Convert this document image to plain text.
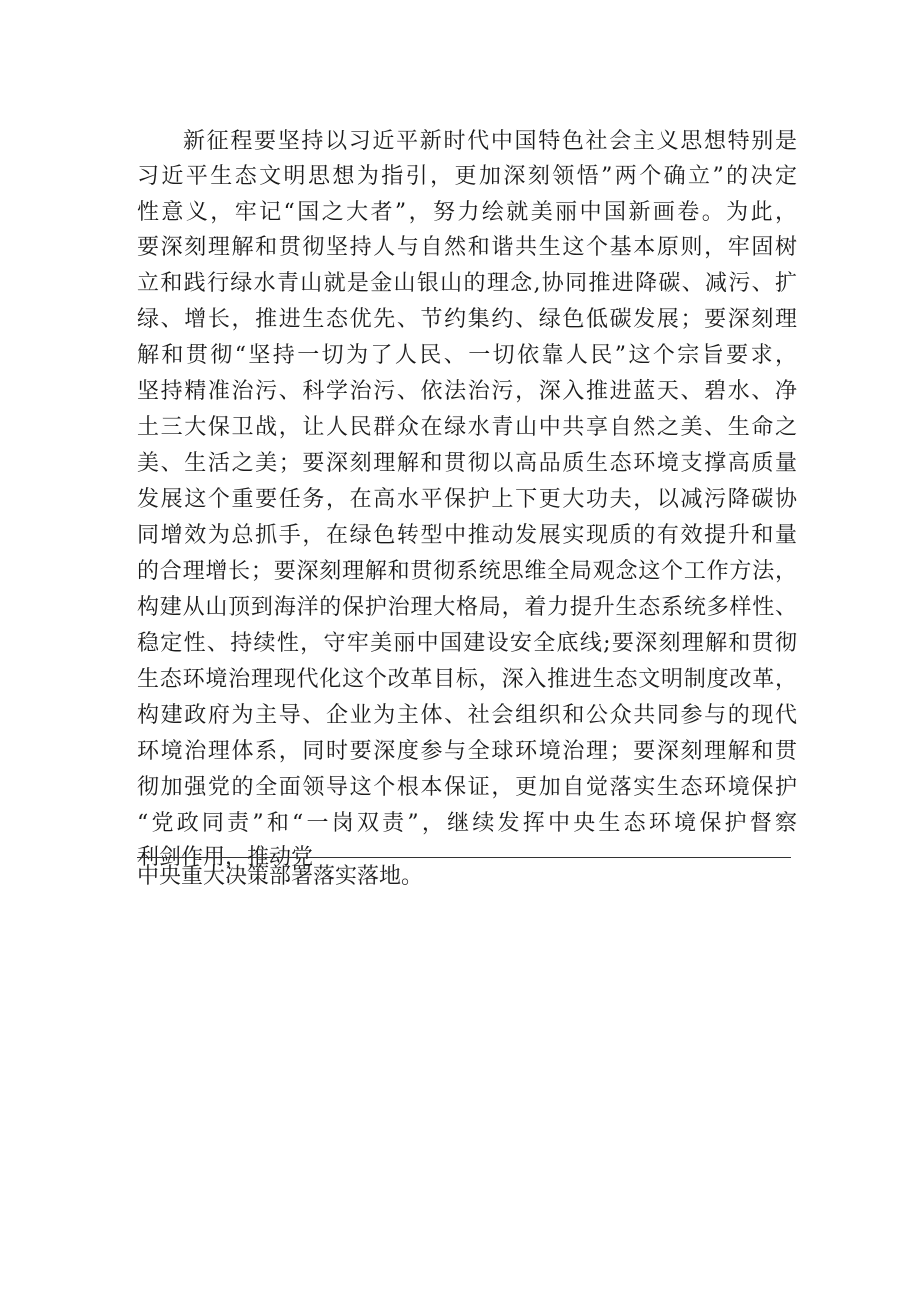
新征程要坚持以习近平新时代中国特色社会主义思想特别是
习近平生态文明思想为指引，更加深刻领悟”两个确立”的决定
性意义，牢记“国之大者”，努力绘就美丽中国新画卷。为此，
要深刻理解和贯彻坚持人与自然和谐共生这个基本原则，牢固树
立和践行绿水青山就是金山银山的理念,协同推进降碳、减污、扩
绿、增长，推进生态优先、节约集约、绿色低碳发展；要深刻理
解和贯彻“坚持一切为了人民、一切依靠人民”这个宗旨要求，
坚持精准治污、科学治污、依法治污，深入推进蓝天、碧水、净
土三大保卫战，让人民群众在绿水青山中共享自然之美、生命之
美、生活之美；要深刻理解和贯彻以高品质生态环境支撑高质量
发展这个重要任务，在高水平保护上下更大功夫，以减污降碳协
同增效为总抓手，在绿色转型中推动发展实现质的有效提升和量
的合理增长；要深刻理解和贯彻系统思维全局观念这个工作方法，
构建从山顶到海洋的保护治理大格局，着力提升生态系统多样性、
稳定性、持续性，守牢美丽中国建设安全底线;要深刻理解和贯彻
生态环境治理现代化这个改革目标，深入推进生态文明制度改革，
构建政府为主导、企业为主体、社会组织和公众共同参与的现代
环境治理体系，同时要深度参与全球环境治理；要深刻理解和贯
彻加强党的全面领导这个根本保证，更加自觉落实生态环境保护
“党政同责”和“一岗双责”，继续发挥中央生态环境保护督察
利剑作用，推动党
中央重大决策部署落实落地。
